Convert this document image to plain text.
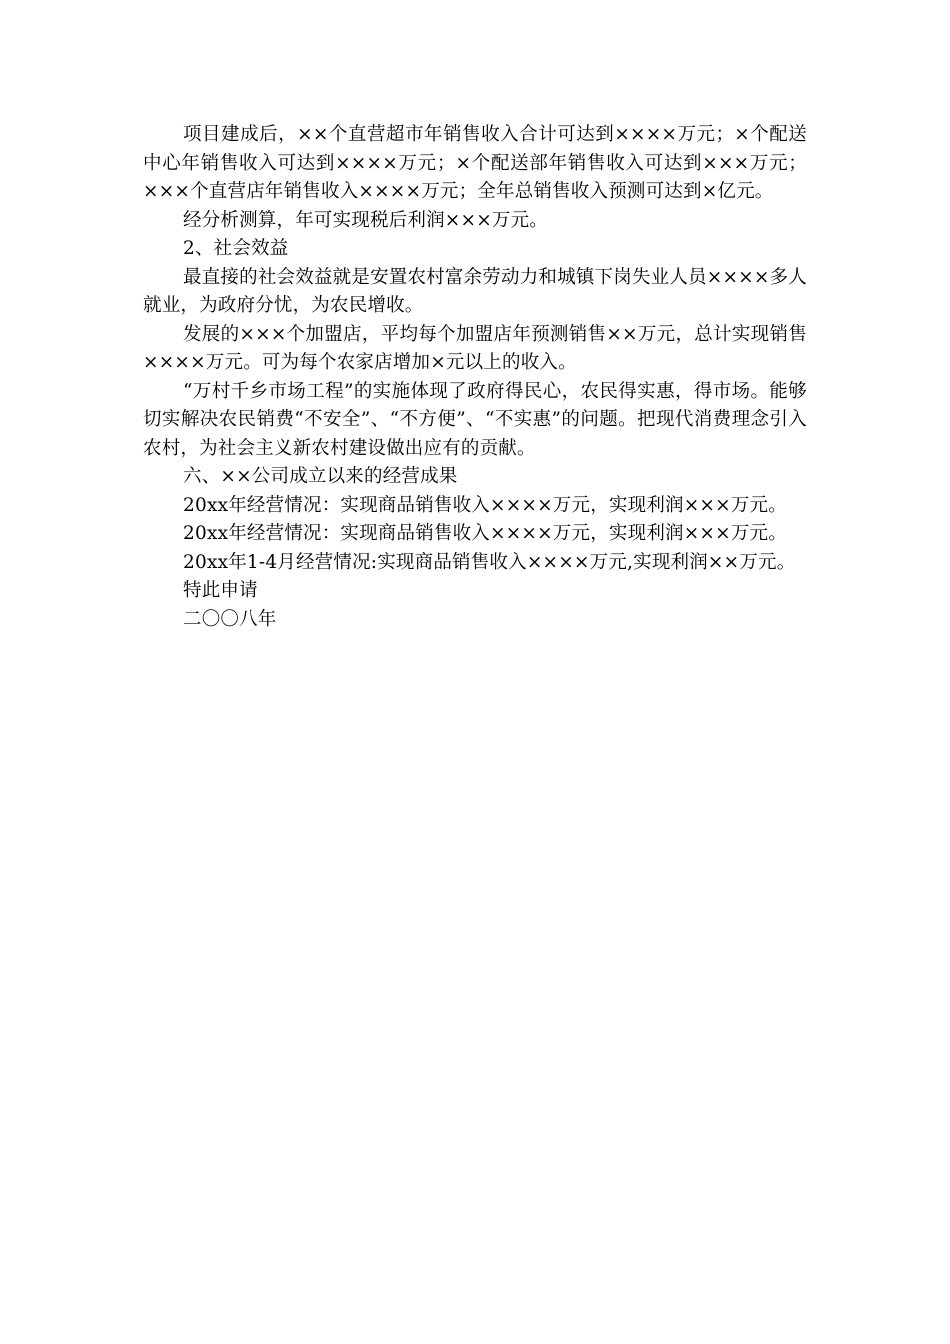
项目建成后，××个直营超市年销售收入合计可达到××××万元；×个配送中心年销售收入可达到××××万元；×个配送部年销售收入可达到×××万元；×××个直营店年销售收入××××万元；全年总销售收入预测可达到×亿元。

经分析测算，年可实现税后利润×××万元。

2、社会效益

最直接的社会效益就是安置农村富余劳动力和城镇下岗失业人员××××多人就业，为政府分忧，为农民增收。

发展的×××个加盟店，平均每个加盟店年预测销售××万元，总计实现销售××××万元。可为每个农家店增加×元以上的收入。

“万村千乡市场工程”的实施体现了政府得民心，农民得实惠，得市场。能够切实解决农民销费“不安全”、“不方便”、“不实惠”的问题。把现代消费理念引入农村，为社会主义新农村建设做出应有的贡献。

六、××公司成立以来的经营成果

20xx年经营情况：实现商品销售收入××××万元，实现利润×××万元。

20xx年经营情况：实现商品销售收入××××万元，实现利润×××万元。

20xx年1-4月经营情况:实现商品销售收入××××万元,实现利润××万元。

特此申请

二〇〇八年
